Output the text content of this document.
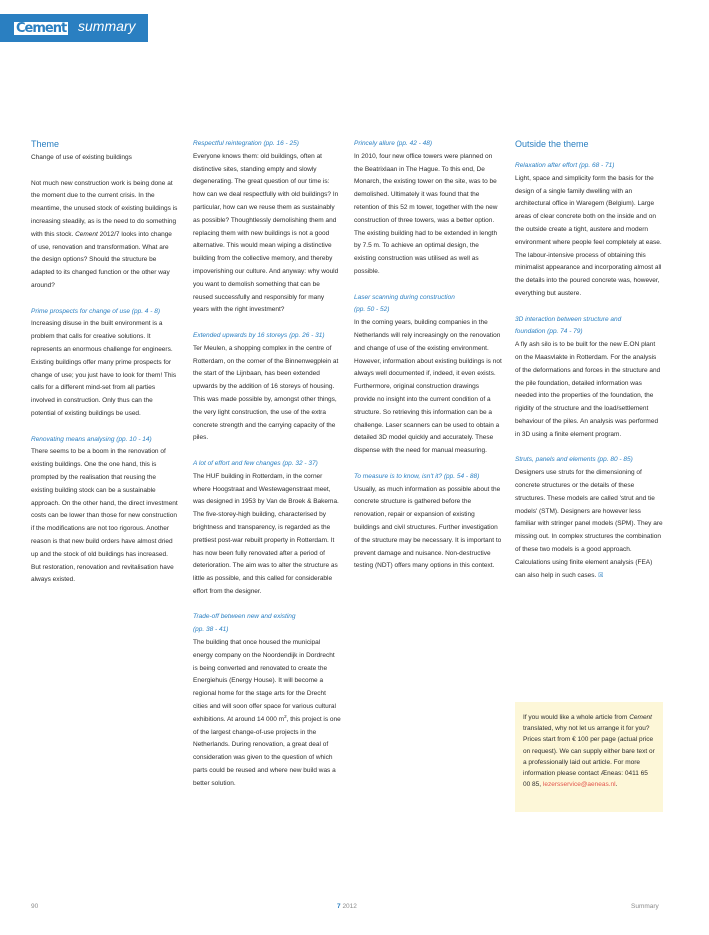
Cement summary
Theme

Change of use of existing buildings

Not much new construction work is being done at the moment due to the current crisis. In the meantime, the unused stock of existing buildings is increasing steadily, as is the need to do something with this stock. Cement 2012/7 looks into change of use, renovation and transformation. What are the design options? Should the structure be adapted to its changed function or the other way around?

Prime prospects for change of use (pp. 4 - 8)

Increasing disuse in the built environment is a problem that calls for creative solutions. It represents an enormous challenge for engineers. Existing buildings offer many prime prospects for change of use; you just have to look for them! This calls for a different mind-set from all parties involved in construction. Only thus can the potential of existing buildings be used.

Renovating means analysing (pp. 10 - 14)

There seems to be a boom in the renovation of existing buildings. One the one hand, this is prompted by the realisation that reusing the existing building stock can be a sustainable approach. On the other hand, the direct investment costs can be lower than those for new construction if the modifications are not too rigorous. Another reason is that new build orders have almost dried up and the stock of old buildings has increased. But restoration, renovation and revitalisation have always existed.

Respectful reintegration (pp. 16 - 25)

Everyone knows them: old buildings, often at distinctive sites, standing empty and slowly degenerating. The great question of our time is: how can we deal respectfully with old buildings? In particular, how can we reuse them as sustainably as possible? Thoughtlessly demolishing them and replacing them with new buildings is not a good alternative. This would mean wiping a distinctive building from the collective memory, and thereby impoverishing our culture. And anyway: why would you want to demolish something that can be reused successfully and responsibly for many years with the right investment?

Extended upwards by 16 storeys (pp. 26 - 31)

Ter Meulen, a shopping complex in the centre of Rotterdam, on the corner of the Binnenwegplein at the start of the Lijnbaan, has been extended upwards by the addition of 16 storeys of housing. This was made possible by, amongst other things, the very light construction, the use of the extra concrete strength and the carrying capacity of the piles.

A lot of effort and few changes (pp. 32 - 37)

The HUF building in Rotterdam, in the corner where Hoogstraat and Westewagenstraat meet, was designed in 1953 by Van de Broek & Bakema. The five-storey-high building, characterised by brightness and transparency, is regarded as the prettiest post-war rebuilt property in Rotterdam. It has now been fully renovated after a period of deterioration. The aim was to alter the structure as little as possible, and this called for considerable effort from the designer.

Trade-off between new and existing
(pp. 38 - 41)

The building that once housed the municipal energy company on the Noordendijk in Dordrecht is being converted and renovated to create the Energiehuis (Energy House). It will become a regional home for the stage arts for the Drecht cities and will soon offer space for various cultural exhibitions. At around 14 000 $m^2$, this project is one of the largest change-of-use projects in the Netherlands. During renovation, a great deal of consideration was given to the question of which parts could be reused and where new build was a better solution.

Princely allure (pp. 42 - 48)

In 2010, four new office towers were planned on the Beatrixlaan in The Hague. To this end, De Monarch, the existing tower on the site, was to be demolished. Ultimately it was found that the retention of this 52 m tower, together with the new construction of three towers, was a better option. The existing building had to be extended in length by 7.5 m. To achieve an optimal design, the existing construction was utilised as well as possible.

Laser scanning during construction
(pp. 50 - 52)

In the coming years, building companies in the Netherlands will rely increasingly on the renovation and change of use of the existing environment. However, information about existing buildings is not always well documented if, indeed, it even exists. Furthermore, original construction drawings provide no insight into the current condition of a structure. So retrieving this information can be a challenge. Laser scanners can be used to obtain a detailed 3D model quickly and accurately. These dispense with the need for manual measuring.

To measure is to know, isn't it? (pp. 54 - 88)

Usually, as much information as possible about the concrete structure is gathered before the renovation, repair or expansion of existing buildings and civil structures. Further investigation of the structure may be necessary. It is important to prevent damage and nuisance. Non-destructive testing (NDT) offers many options in this context.

Outside the theme
Relaxation after effort (pp. 68 - 71)

Light, space and simplicity form the basis for the design of a single family dwelling with an architectural office in Waregem (Belgium). Large areas of clear concrete both on the inside and on the outside create a tight, austere and modern environment where people feel completely at ease. The labour-intensive process of obtaining this minimalist appearance and incorporating almost all the details into the poured concrete was, however, everything but austere.

3D interaction between structure and
foundation (pp. 74 - 79)

A fly ash silo is to be built for the new E.ON plant on the Maasvlakte in Rotterdam. For the analysis of the deformations and forces in the structure and the pile foundation, detailed information was needed into the properties of the foundation, the rigidity of the structure and the load/settlement behaviour of the piles. An analysis was performed in 3D using a finite element program.

Struts, panels and elements (pp. 80 - 85)

Designers use struts for the dimensioning of concrete structures or the details of these structures. These models are called 'strut and tie models' (STM). Designers are however less familiar with stringer panel models (SPM). They are missing out. In complex structures the combination of these two models is a good approach. Calculations using finite element analysis (FEA) can also help in such cases. ☒

If you would like a whole article from Cement translated, why not let us arrange it for you? Prices start from € 100 per page (actual price on request). We can supply either bare text or a professionally laid out article. For more information please contact Æneas: 0411 65 00 85, lezersservice@aeneas.nl.
90	7 2012	Summary
